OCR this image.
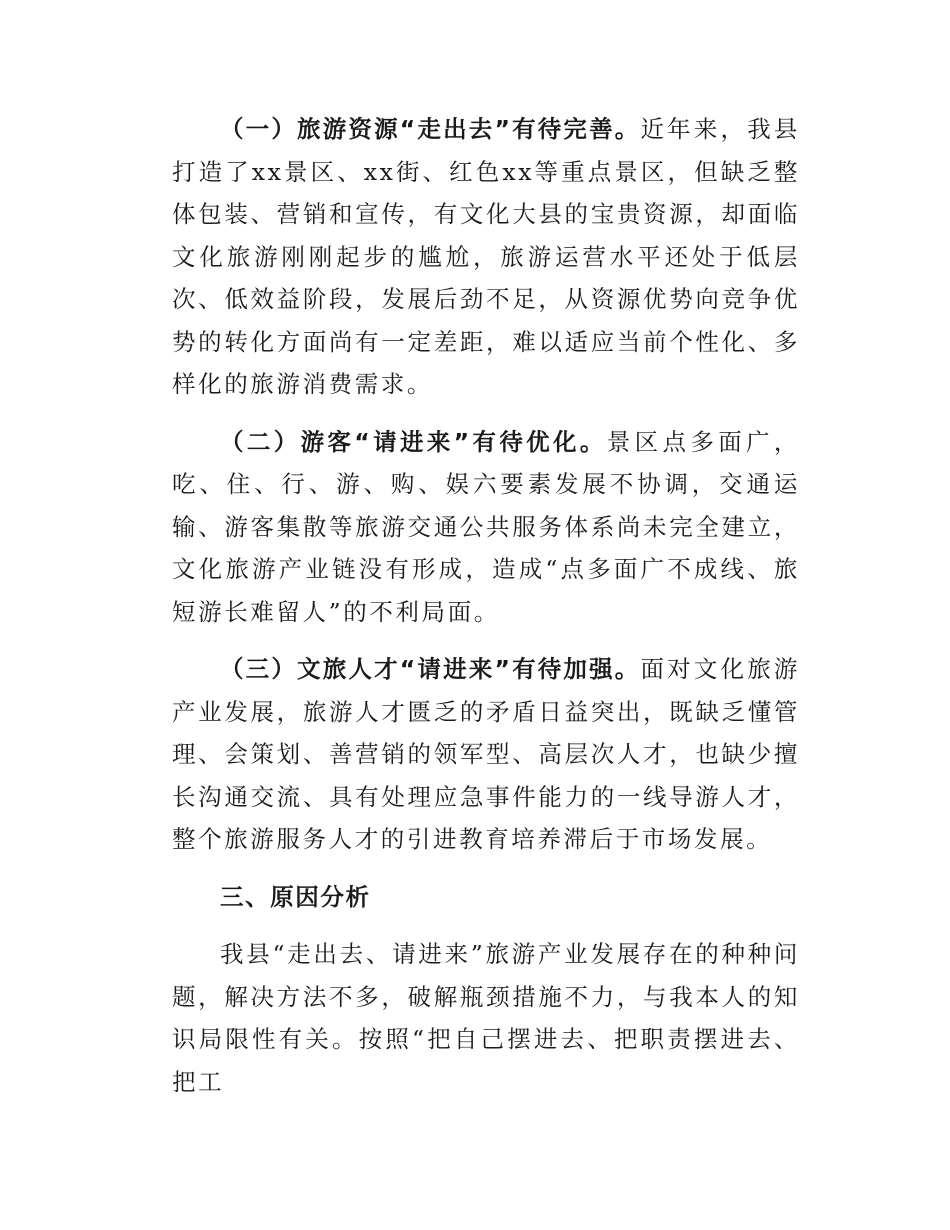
（一）旅游资源“走出去”有待完善。近年来，我县打造了xx景区、xx街、红色xx等重点景区，但缺乏整体包装、营销和宣传，有文化大县的宝贵资源，却面临文化旅游刚刚起步的尴尬，旅游运营水平还处于低层次、低效益阶段，发展后劲不足，从资源优势向竞争优势的转化方面尚有一定差距，难以适应当前个性化、多样化的旅游消费需求。

（二）游客“请进来”有待优化。景区点多面广，吃、住、行、游、购、娱六要素发展不协调，交通运输、游客集散等旅游交通公共服务体系尚未完全建立，文化旅游产业链没有形成，造成“点多面广不成线、旅短游长难留人”的不利局面。

（三）文旅人才“请进来”有待加强。面对文化旅游产业发展，旅游人才匮乏的矛盾日益突出，既缺乏懂管理、会策划、善营销的领军型、高层次人才，也缺少擅长沟通交流、具有处理应急事件能力的一线导游人才，整个旅游服务人才的引进教育培养滞后于市场发展。

三、原因分析

我县“走出去、请进来”旅游产业发展存在的种种问题，解决方法不多，破解瓶颈措施不力，与我本人的知识局限性有关。按照“把自己摆进去、把职责摆进去、把工
